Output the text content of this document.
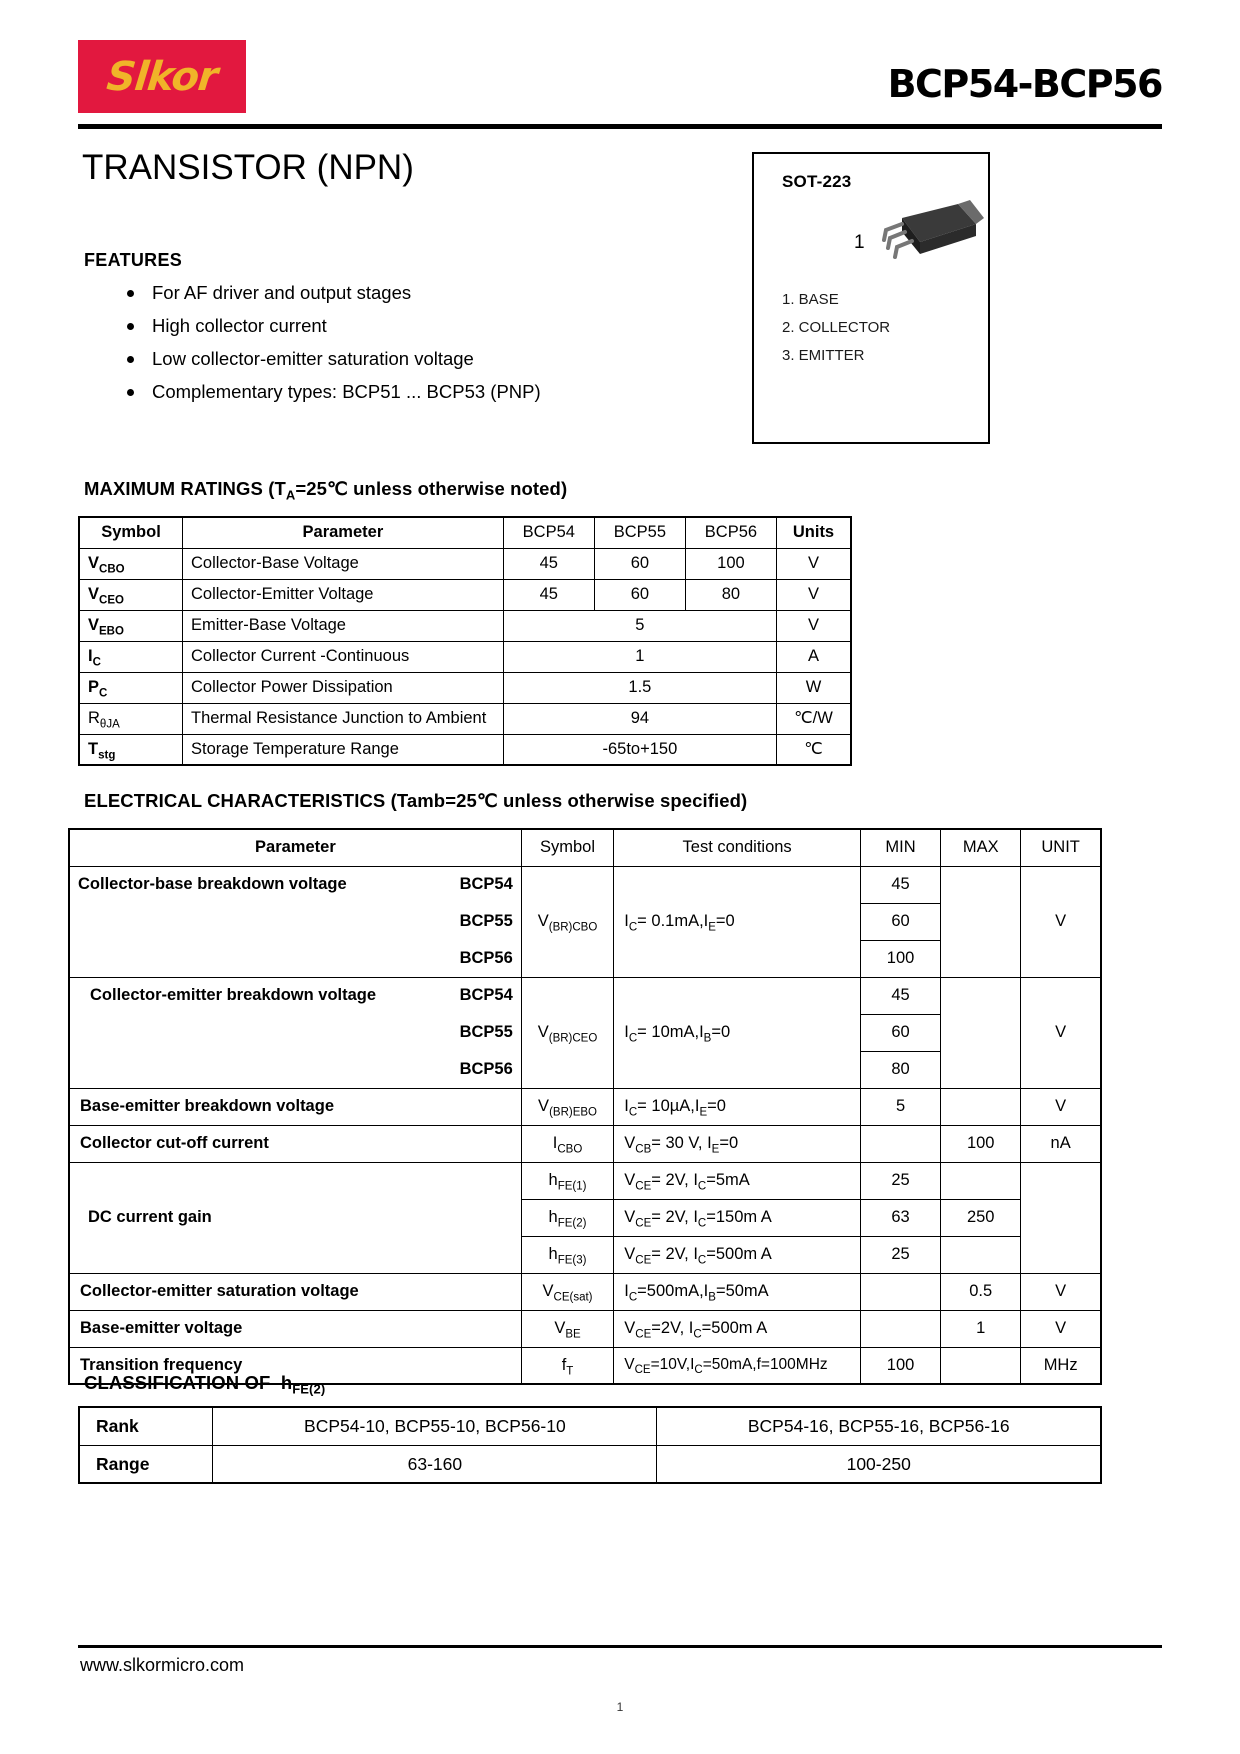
Slkor	BCP54-BCP56
TRANSISTOR (NPN)
FEATURES
For AF driver and output stages
High collector current
Low collector-emitter saturation voltage
Complementary types: BCP51 ... BCP53 (PNP)
SOT-223
1
1. BASE
2. COLLECTOR
3. EMITTER
MAXIMUM RATINGS ($T_A=25℃$ unless otherwise noted)
Symbol	Parameter	BCP54	BCP55	BCP56	Units
$V_{CBO}$	Collector-Base Voltage	45	60	100	V
$V_{CEO}$	Collector-Emitter Voltage	45	60	80	V
$V_{EBO}$	Emitter-Base Voltage	5			V
$I_C$	Collector Current -Continuous	1			A
$P_C$	Collector Power Dissipation	1.5			W
$R_{\theta JA}$	Thermal Resistance Junction to Ambient	94			℃/W
$T_{stg}$	Storage Temperature Range	-65to+150			℃
ELECTRICAL CHARACTERISTICS (Tamb=25℃ unless otherwise specified)
Parameter	Symbol	Test conditions	MIN	MAX	UNIT

Collector-base breakdown voltage BCP54			45		V

BCP55	$V_{(BR)CBO}$	$I_C= 0.1mA,I_E=0$	60		

BCP56			100		

Collector-emitter breakdown voltage BCP54			45		V

BCP55	$V_{(BR)CEO}$	$I_C= 10mA,I_B=0$	60		

BCP56			80		
Base-emitter breakdown voltage	$V_{(BR)EBO}$	$I_C= 10\mu A,I_E=0$	5		V
Collector cut-off current	$I_{CBO}$	$V_{CB}= 30$ V, $I_E=0$		100	nA

DC current gain	$h_{FE(1)}$	$V_{CE}= 2V$, $I_C=5mA$	25		
	$h_{FE(2)}$	$V_{CE}= 2V$, $I_C=150m$ A	63	250	
	$h_{FE(3)}$	$V_{CE}= 2V$, $I_C=500m$ A	25		
Collector-emitter saturation voltage	$V_{CE(sat)}$	$I_C=500mA,I_B=50mA$		0.5	V
Base-emitter voltage	$V_{BE}$	$V_{CE}=2V$, $I_C=500m$ A		1	V
Transition frequency	$f_T$	$V_{CE}=10V,I_C=50mA,f=100MHz$	100		MHz
CLASSIFICATION OF $h_{FE(2)}$
Rank	BCP54-10, BCP55-10, BCP56-10	BCP54-16, BCP55-16, BCP56-16
Range	63-160	100-250
www.slkormicro.com
1
